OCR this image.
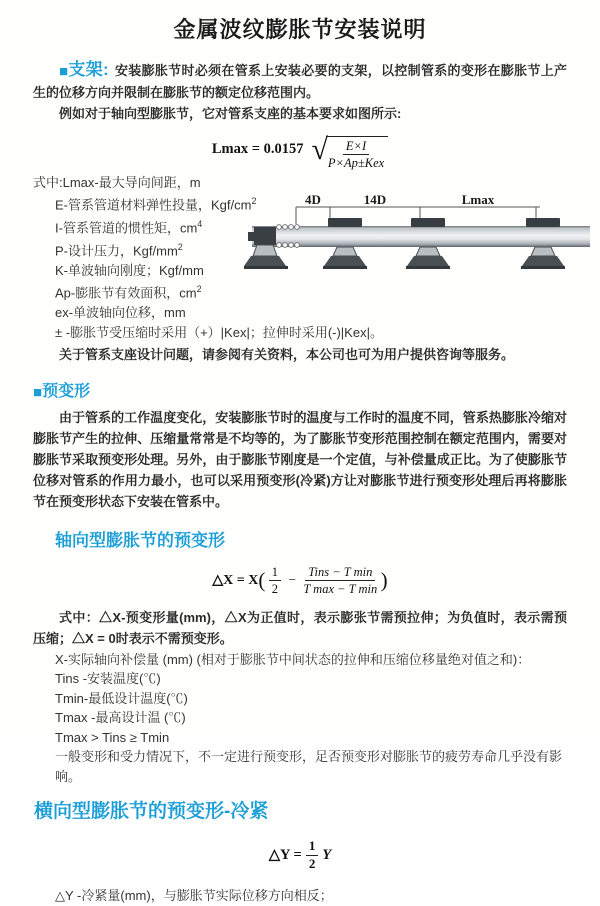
金属波纹膨胀节安装说明

■支架: 安装膨胀节时必须在管系上安装必要的支架，以控制管系的变形在膨胀节上产生的位移方向并限制在膨胀节的额定位移范围内。

例如对于轴向型膨胀节，它对管系支座的基本要求如图所示:

Lmax = 0.0157 √ $\frac{E\times I}{\text{P×Ap±Kex}}$
式中:Lmax-最大导向间距，m
E-管系管道材料弹性投量，Kgf/$cm^2$
I-管系管道的惯性矩，$cm^4$
P-设计压力，Kgf/$mm^2$
K-单波轴向刚度；Kgf/mm
Ap-膨胀节有效面积，$cm^2$
ex-单波轴向位移，mm
± -膨胀节受压缩时采用（+）|Kex|；拉伸时采用(-)|Kex|。

关于管系支座设计问题，请参阅有关资料，本公司也可为用户提供咨询等服务。

■预变形

由于管系的工作温度变化，安装膨胀节时的温度与工作时的温度不同，管系热膨胀冷缩对膨胀节产生的拉伸、压缩量常常是不均等的，为了膨胀节变形范围控制在额定范围内，需要对膨胀节采取预变形处理。另外，由于膨胀节刚度是一个定值，与补偿量成正比。为了使膨胀节位移对管系的作用力最小，也可以采用预变形(冷紧)方让对膨胀节进行预变形处理后再将膨胀节在预变形状态下安装在管系中。

轴向型膨胀节的预变形
△X = $X( \frac{1}{2} - \frac{\text{Tins − T min}}{\text{T max − T min}}$ )

式中：△X-预变形量(mm)，△X为正值时，表示膨张节需预拉伸；为负值时，表示需预压缩；△X = 0时表示不需预变形。

X-实际轴向补偿量 (mm) (相对于膨胀节中间状态的拉伸和压缩位移量绝对值之和)：
Tins -安装温度(℃)
Tmin-最低设计温度(℃)
Tmax -最高设计温 (℃)
Tmax > Tins ≥ Tmin
一般变形和受力情况下，不一定进行预变形，足否预变形对膨胀节的疲劳寿命几乎没有影响。
横向型膨胀节的预变形-冷紧
△Y = $\frac{1}{2}$ Y
△Y -冷紧量(mm)，与膨胀节实际位移方向相反；
4D	14D	Lmax
